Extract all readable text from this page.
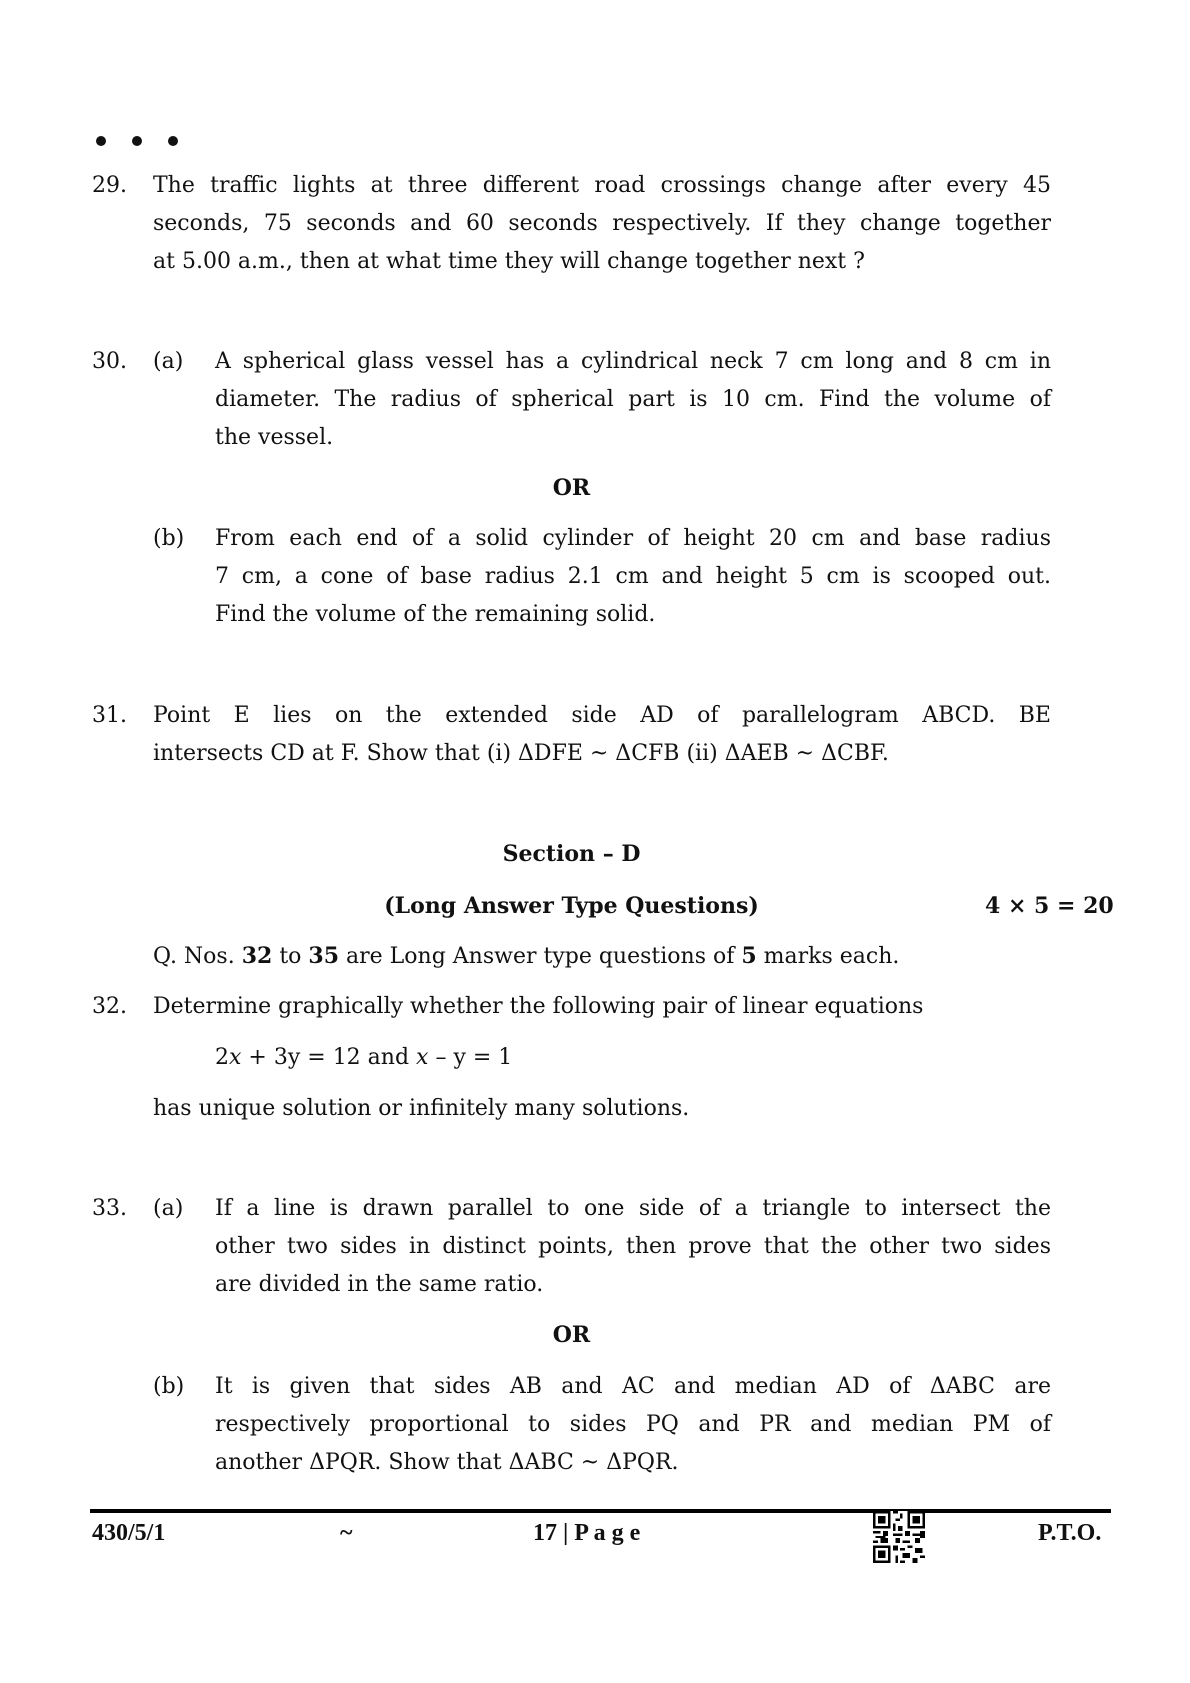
29. The traffic lights at three different road crossings change after every 45
seconds, 75 seconds and 60 seconds respectively. If they change together
at 5.00 a.m., then at what time they will change together next ?
30. (a) A spherical glass vessel has a cylindrical neck 7 cm long and 8 cm in
diameter. The radius of spherical part is 10 cm. Find the volume of
the vessel.
OR
(b) From each end of a solid cylinder of height 20 cm and base radius
7 cm, a cone of base radius 2.1 cm and height 5 cm is scooped out.
Find the volume of the remaining solid.
31. Point E lies on the extended side AD of parallelogram ABCD. BE
intersects CD at F. Show that (i) ΔDFE ~ ΔCFB (ii) ΔAEB ~ ΔCBF.
Section – D
(Long Answer Type Questions)	4 × 5 = 20
Q. Nos. 32 to 35 are Long Answer type questions of 5 marks each.
32. Determine graphically whether the following pair of linear equations
2x + 3y = 12 and x – y = 1
has unique solution or infinitely many solutions.
33. (a) If a line is drawn parallel to one side of a triangle to intersect the
other two sides in distinct points, then prove that the other two sides
are divided in the same ratio.
OR
(b) It is given that sides AB and AC and median AD of ΔABC are
respectively proportional to sides PQ and PR and median PM of
another ΔPQR. Show that ΔABC ~ ΔPQR.
430/5/1	~	17 | P a g e	P.T.O.
